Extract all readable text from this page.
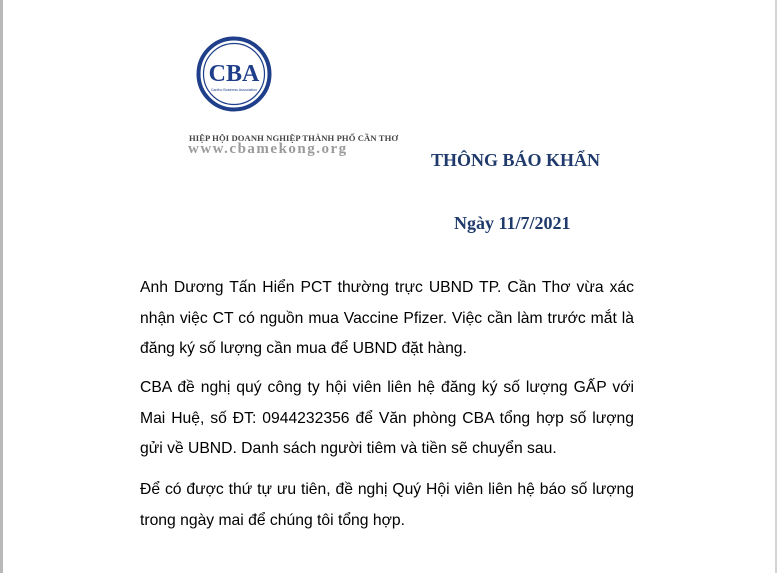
CBA
Cantho Business Association
HIỆP HỘI DOANH NGHIỆP THÀNH PHỐ CẦN THƠ
www.cbamekong.org
THÔNG BÁO KHẨN
Ngày 11/7/2021
Anh Dương Tấn Hiển PCT thường trực UBND TP. Cần Thơ vừa xác nhận việc CT có nguồn mua Vaccine Pfizer. Việc cần làm trước mắt là đăng ký số lượng cần mua để UBND đặt hàng.
CBA đề nghị quý công ty hội viên liên hệ đăng ký số lượng GẤP với Mai Huệ, số ĐT: 0944232356 để Văn phòng CBA tổng hợp số lượng gửi về UBND. Danh sách người tiêm và tiền sẽ chuyển sau.
Để có được thứ tự ưu tiên, đề nghị Quý Hội viên liên hệ báo số lượng trong ngày mai để chúng tôi tổng hợp.
